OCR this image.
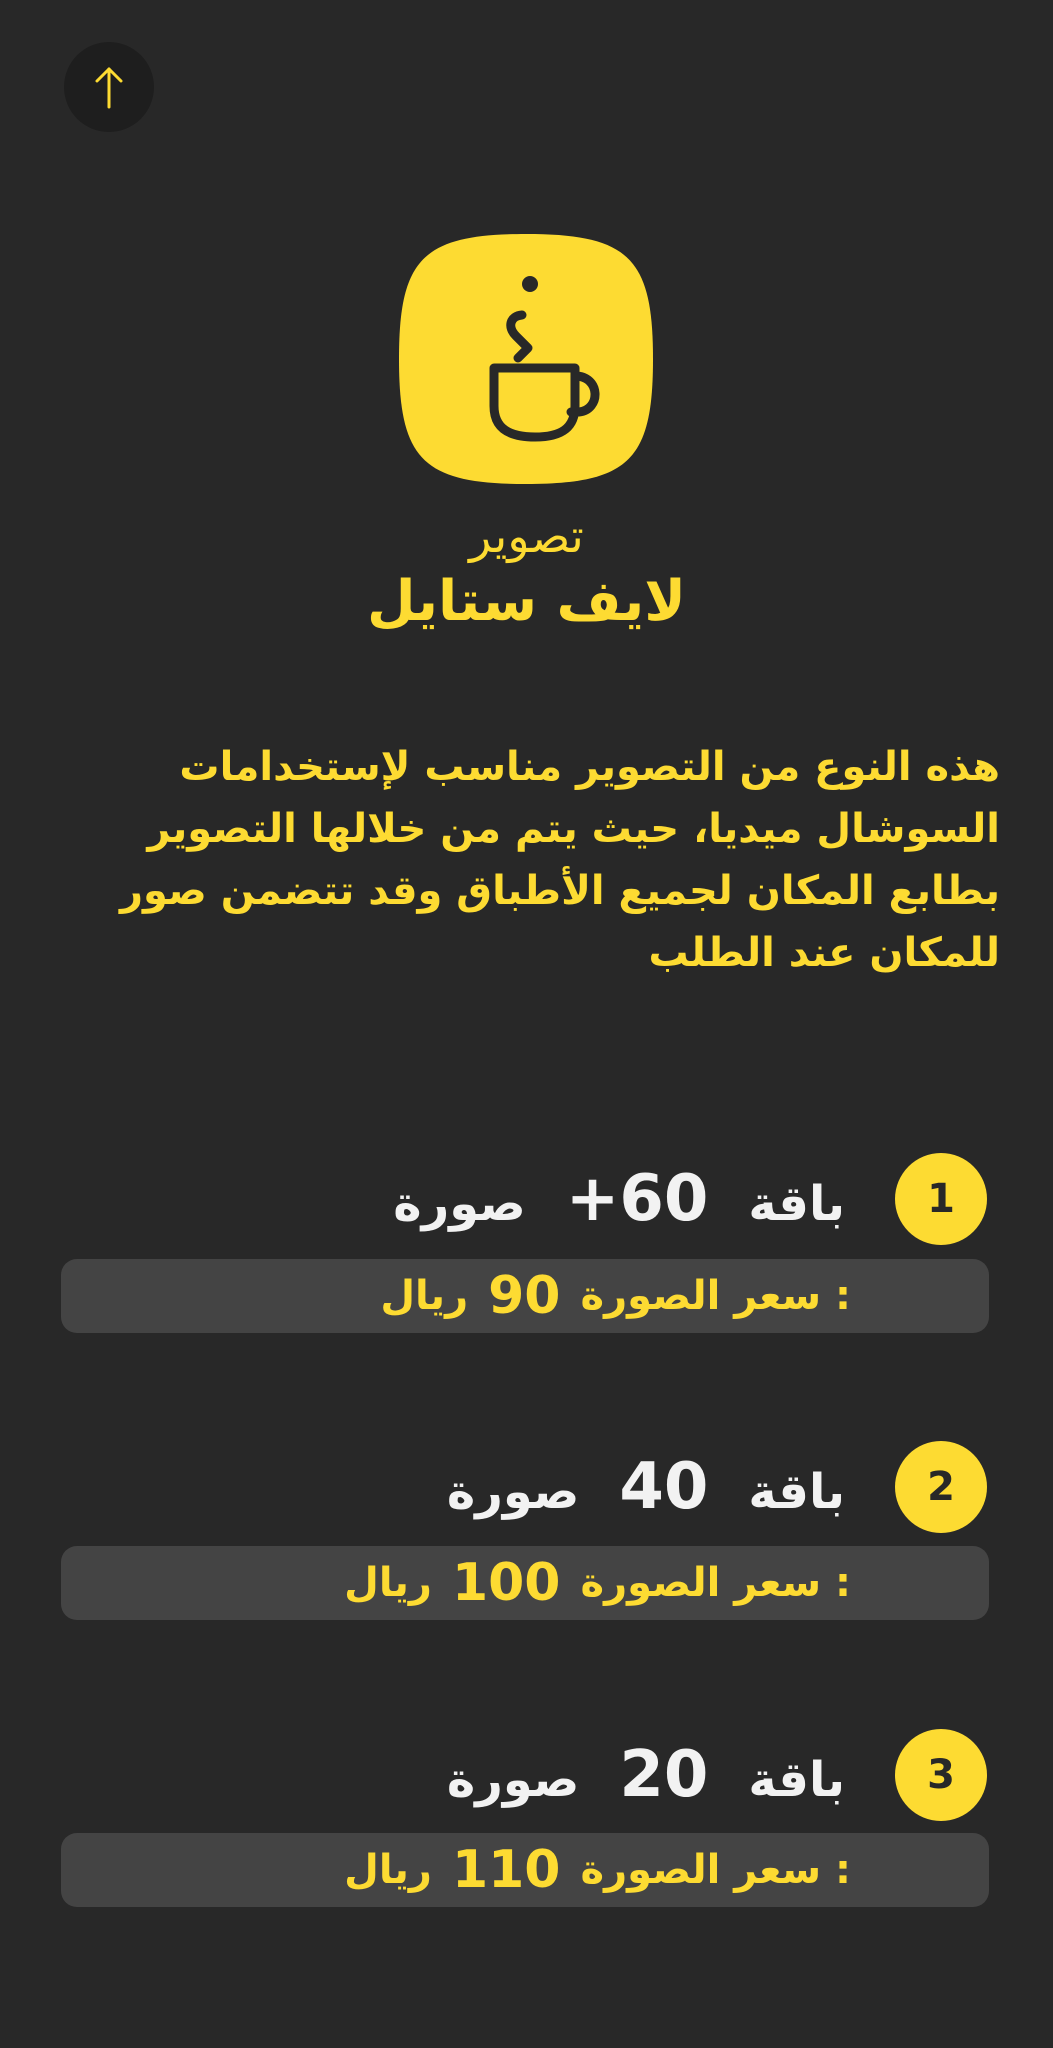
تصوير
لايف ستايل
هذه النوع من التصوير مناسب لإستخدامات السوشال ميديا، حيث يتم من خلالها التصوير بطابع المكان لجميع الأطباق وقد تتضمن صور للمكان عند الطلب
1
باقة
+60
صورة
سعر الصورة :
90
ريال
2
باقة
40
صورة
سعر الصورة :
100
ريال
3
باقة
20
صورة
سعر الصورة :
110
ريال
